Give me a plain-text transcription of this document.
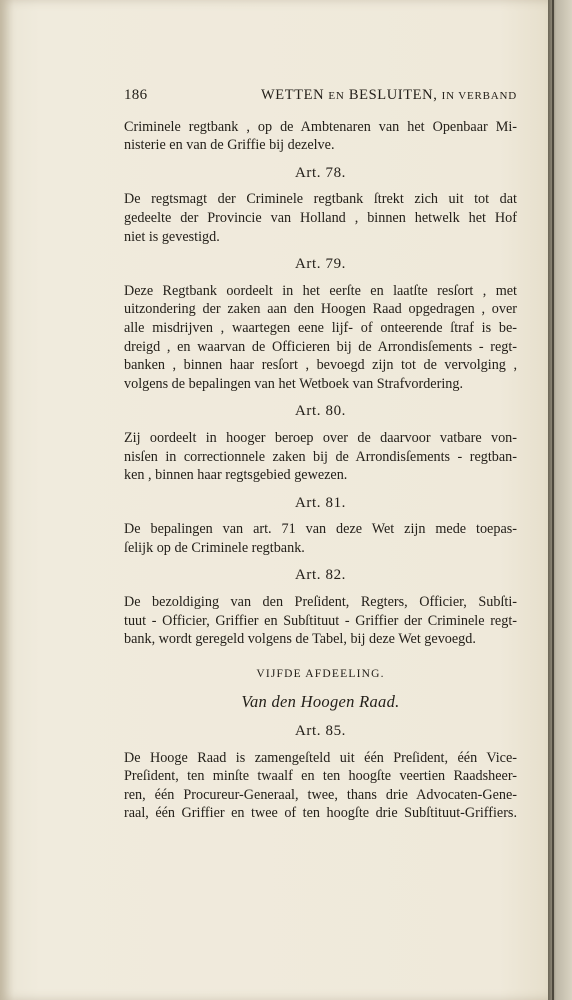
186	WETTEN EN BESLUITEN, IN VERBAND

Criminele regtbank , op de Ambtenaren van het Openbaar Mi-
nisterie en van de Griffie bij dezelve.

Art. 78.

De regtsmagt der Criminele regtbank ſtrekt zich uit tot dat
gedeelte der Provincie van Holland , binnen hetwelk het Hof
niet is gevestigd.

Art. 79.

Deze Regtbank oordeelt in het eerſte en laatſte resſort , met
uitzondering der zaken aan den Hoogen Raad opgedragen , over
alle misdrijven , waartegen eene lijf- of onteerende ſtraf is be-
dreigd , en waarvan de Officieren bij de Arrondisſements - regt-
banken , binnen haar resſort , bevoegd zijn tot de vervolging ,
volgens de bepalingen van het Wetboek van Strafvordering.

Art. 80.

Zij oordeelt in hooger beroep over de daarvoor vatbare von-
nisſen in correctionnele zaken bij de Arrondisſements - regtban-
ken , binnen haar regtsgebied gewezen.

Art. 81.

De bepalingen van art. 71 van deze Wet zijn mede toepas-
ſelijk op de Criminele regtbank.

Art. 82.

De bezoldiging van den Preſident, Regters, Officier, Subſti-
tuut - Officier, Griffier en Subſtituut - Griffier der Criminele regt-
bank, wordt geregeld volgens de Tabel, bij deze Wet gevoegd.

VIJFDE AFDEELING.
Van den Hoogen Raad.
Art. 85.

De Hooge Raad is zamengeſteld uit één Preſident, één Vice-
Preſident, ten minſte twaalf en ten hoogſte veertien Raadsheer-
ren, één Procureur-Generaal, twee, thans drie Advocaten-Gene-
raal, één Griffier en twee of ten hoogſte drie Subſtituut-Griffiers.
